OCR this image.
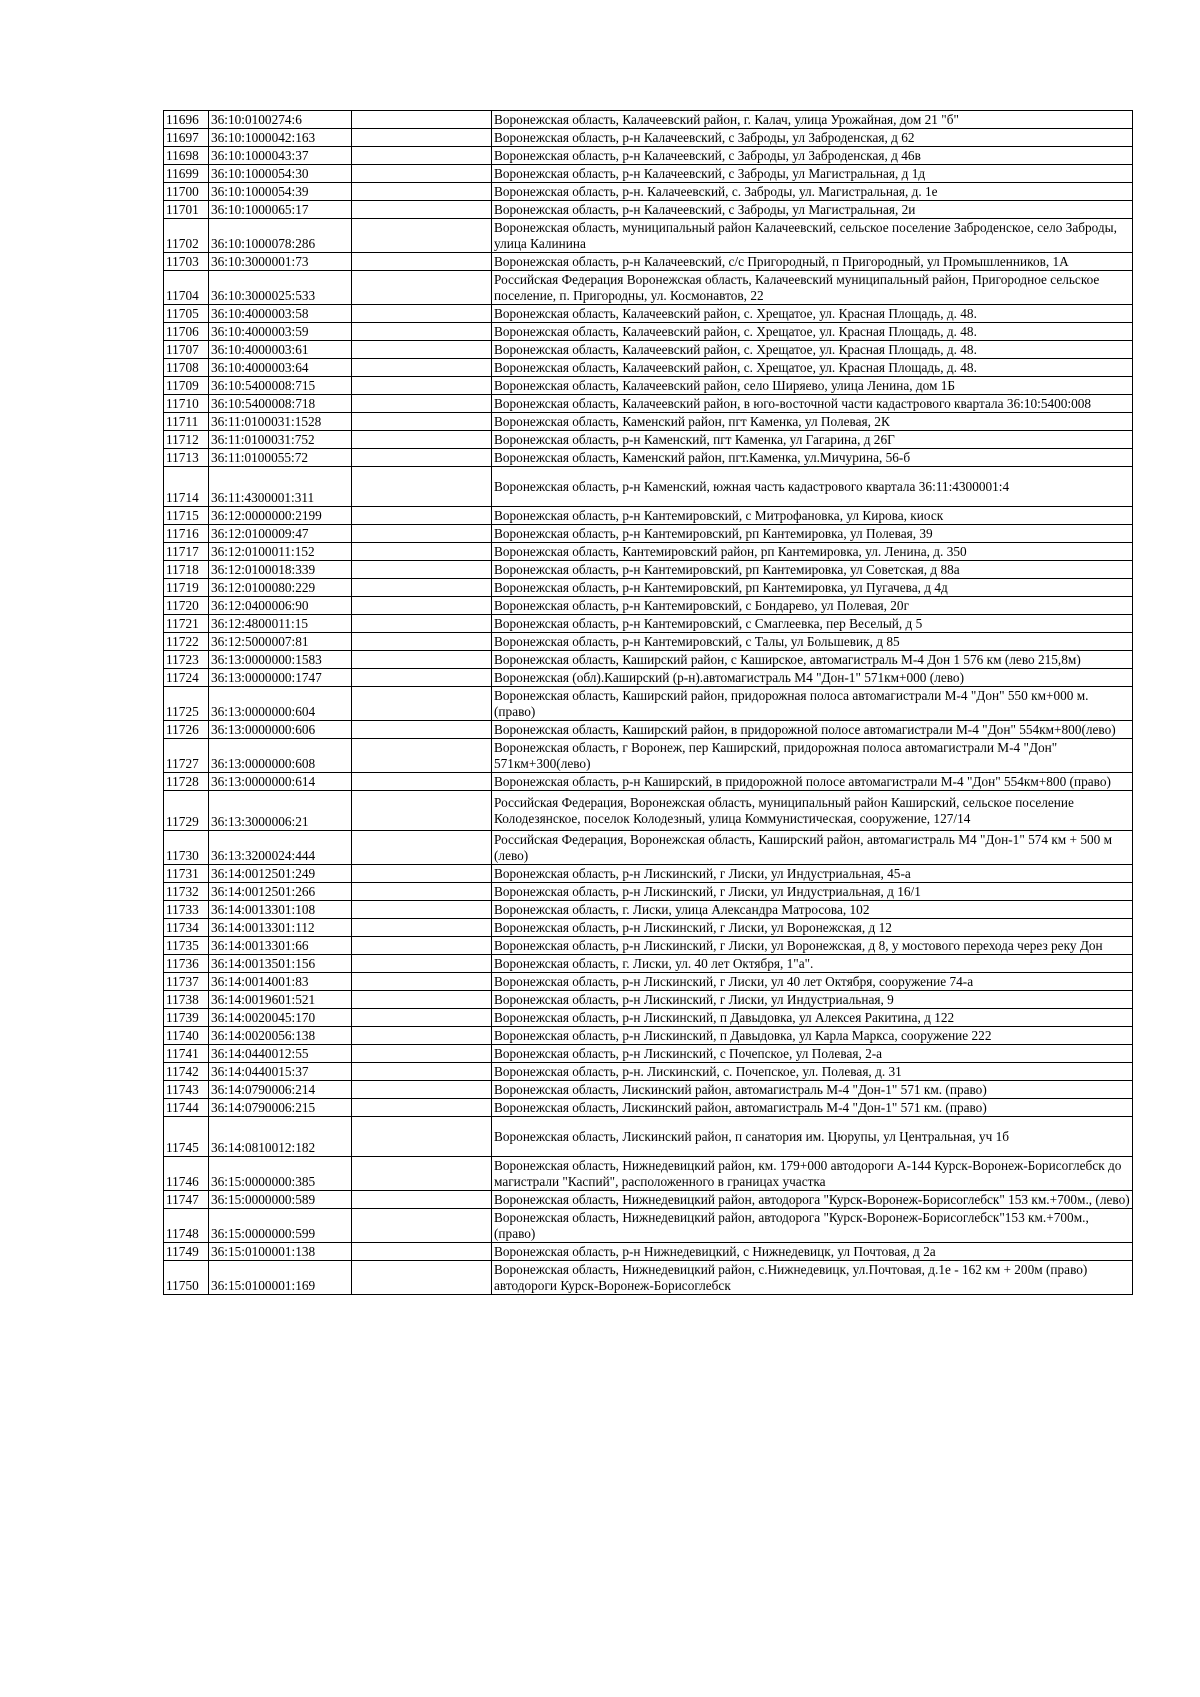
11696	36:10:0100274:6		Воронежская область, Калачеевский район, г. Калач, улица Урожайная, дом 21 "б"
11697	36:10:1000042:163		Воронежская область, р-н Калачеевский, с Заброды, ул Заброденская, д 62
11698	36:10:1000043:37		Воронежская область, р-н Калачеевский, с Заброды, ул Заброденская, д 46в
11699	36:10:1000054:30		Воронежская область, р-н Калачеевский, с Заброды, ул Магистральная, д 1д
11700	36:10:1000054:39		Воронежская область, р-н. Калачеевский, с. Заброды, ул. Магистральная, д. 1е
11701	36:10:1000065:17		Воронежская область, р-н Калачеевский, с Заброды, ул Магистральная, 2и
11702	36:10:1000078:286		Воронежская область, муниципальный район Калачеевский, сельское поселение Заброденское, село Заброды, улица Калинина
11703	36:10:3000001:73		Воронежская область, р-н Калачеевский, с/с Пригородный, п Пригородный, ул Промышленников, 1А
11704	36:10:3000025:533		Российская Федерация Воронежская область, Калачеевский муниципальный район, Пригородное сельское поселение, п. Пригородны, ул. Космонавтов, 22
11705	36:10:4000003:58		Воронежская область, Калачеевский район, с. Хрещатое, ул. Красная Площадь, д. 48.
11706	36:10:4000003:59		Воронежская область, Калачеевский район, с. Хрещатое, ул. Красная Площадь, д. 48.
11707	36:10:4000003:61		Воронежская область, Калачеевский район, с. Хрещатое, ул. Красная Площадь, д. 48.
11708	36:10:4000003:64		Воронежская область, Калачеевский район, с. Хрещатое, ул. Красная Площадь, д. 48.
11709	36:10:5400008:715		Воронежская область, Калачеевский район, село Ширяево, улица Ленина, дом 1Б
11710	36:10:5400008:718		Воронежская область, Калачеевский район, в юго-восточной части кадастрового квартала 36:10:5400:008
11711	36:11:0100031:1528		Воронежская область, Каменский район, пгт Каменка, ул Полевая, 2К
11712	36:11:0100031:752		Воронежская область, р-н Каменский, пгт Каменка, ул Гагарина, д 26Г
11713	36:11:0100055:72		Воронежская область, Каменский район, пгт.Каменка, ул.Мичурина, 56-б
11714	36:11:4300001:311		Воронежская область, р-н Каменский, южная часть кадастрового квартала 36:11:4300001:4
11715	36:12:0000000:2199		Воронежская область, р-н Кантемировский, с Митрофановка, ул Кирова, киоск
11716	36:12:0100009:47		Воронежская область, р-н Кантемировский, рп Кантемировка, ул Полевая, 39
11717	36:12:0100011:152		Воронежская область, Кантемировский район, рп Кантемировка, ул. Ленина, д. 350
11718	36:12:0100018:339		Воронежская область, р-н Кантемировский, рп Кантемировка, ул Советская, д 88а
11719	36:12:0100080:229		Воронежская область, р-н Кантемировский, рп Кантемировка, ул Пугачева, д 4д
11720	36:12:0400006:90		Воронежская область, р-н Кантемировский, с Бондарево, ул Полевая, 20г
11721	36:12:4800011:15		Воронежская область, р-н Кантемировский, с Смаглеевка, пер Веселый, д 5
11722	36:12:5000007:81		Воронежская область, р-н Кантемировский, с Талы, ул Большевик, д 85
11723	36:13:0000000:1583		Воронежская область, Каширский район, с Каширское, автомагистраль М-4 Дон 1 576 км (лево 215,8м)
11724	36:13:0000000:1747		Воронежская (обл).Каширский (р-н).автомагистраль М4 "Дон-1" 571км+000 (лево)
11725	36:13:0000000:604		Воронежская область, Каширский район, придорожная полоса автомагистрали М-4 "Дон" 550 км+000 м. (право)
11726	36:13:0000000:606		Воронежская область, Каширский район, в придорожной полосе автомагистрали М-4 "Дон" 554км+800(лево)
11727	36:13:0000000:608		Воронежская область, г Воронеж, пер Каширский, придорожная полоса автомагистрали М-4 "Дон" 571км+300(лево)
11728	36:13:0000000:614		Воронежская область, р-н Каширский, в придорожной полосе автомагистрали М-4 "Дон" 554км+800 (право)
11729	36:13:3000006:21		Российская Федерация, Воронежская область, муниципальный район Каширский, сельское поселение Колодезянское, поселок Колодезный, улица Коммунистическая, сооружение, 127/14
11730	36:13:3200024:444		Российская Федерация, Воронежская область, Каширский район, автомагистраль М4 "Дон-1" 574 км + 500 м (лево)
11731	36:14:0012501:249		Воронежская область, р-н Лискинский, г Лиски, ул Индустриальная, 45-а
11732	36:14:0012501:266		Воронежская область, р-н Лискинский, г Лиски, ул Индустриальная, д 16/1
11733	36:14:0013301:108		Воронежская область, г. Лиски, улица Александра Матросова, 102
11734	36:14:0013301:112		Воронежская область, р-н Лискинский, г Лиски, ул Воронежская, д 12
11735	36:14:0013301:66		Воронежская область, р-н Лискинский, г Лиски, ул Воронежская, д 8, у мостового перехода через реку Дон
11736	36:14:0013501:156		Воронежская область, г. Лиски, ул. 40 лет Октября, 1"а".
11737	36:14:0014001:83		Воронежская область, р-н Лискинский, г Лиски, ул 40 лет Октября, сооружение 74-а
11738	36:14:0019601:521		Воронежская область, р-н Лискинский, г Лиски, ул Индустриальная, 9
11739	36:14:0020045:170		Воронежская область, р-н Лискинский, п Давыдовка, ул Алексея Ракитина, д 122
11740	36:14:0020056:138		Воронежская область, р-н Лискинский, п Давыдовка, ул Карла Маркса, сооружение 222
11741	36:14:0440012:55		Воронежская область, р-н Лискинский, с Почепское, ул Полевая, 2-а
11742	36:14:0440015:37		Воронежская область, р-н. Лискинский, с. Почепское, ул. Полевая, д. 31
11743	36:14:0790006:214		Воронежская область, Лискинский район, автомагистраль М-4 "Дон-1" 571 км. (право)
11744	36:14:0790006:215		Воронежская область, Лискинский район, автомагистраль М-4 "Дон-1" 571 км. (право)
11745	36:14:0810012:182		Воронежская область, Лискинский район, п санатория им. Цюрупы, ул Центральная, уч 1б
11746	36:15:0000000:385		Воронежская область, Нижнедевицкий район, км. 179+000 автодороги А-144 Курск-Воронеж-Борисоглебск до магистрали "Каспий", расположенного в границах участка
11747	36:15:0000000:589		Воронежская область, Нижнедевицкий район, автодорога "Курск-Воронеж-Борисоглебск" 153 км.+700м., (лево)
11748	36:15:0000000:599		Воронежская область, Нижнедевицкий район, автодорога "Курск-Воронеж-Борисоглебск"153 км.+700м., (право)
11749	36:15:0100001:138		Воронежская область, р-н Нижнедевицкий, с Нижнедевицк, ул Почтовая, д 2а
11750	36:15:0100001:169		Воронежская область, Нижнедевицкий район, с.Нижнедевицк, ул.Почтовая, д.1е - 162 км + 200м (право) автодороги Курск-Воронеж-Борисоглебск
